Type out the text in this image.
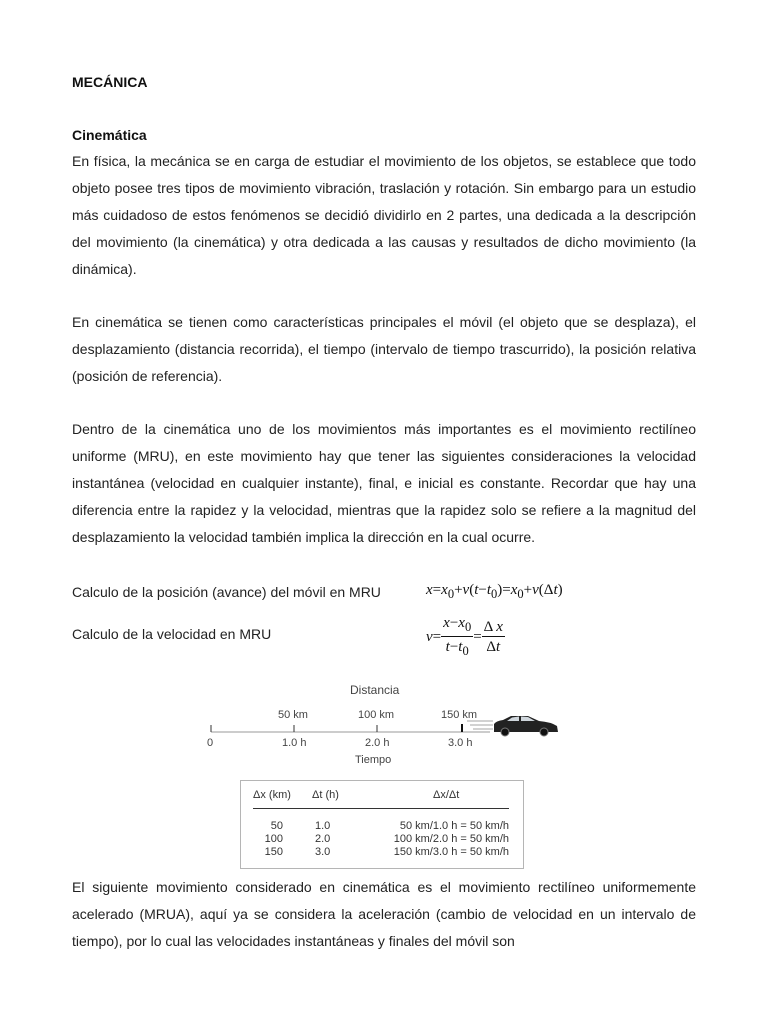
MECÁNICA
Cinemática
En física, la mecánica se en carga de estudiar el movimiento de los objetos, se establece que todo objeto posee tres tipos de movimiento vibración, traslación y rotación. Sin embargo para un estudio más cuidadoso de estos fenómenos se decidió dividirlo en 2 partes, una dedicada a la descripción del movimiento (la cinemática) y otra dedicada a las causas y resultados de dicho movimiento (la dinámica).
En cinemática se tienen como características principales el móvil (el objeto que se desplaza), el desplazamiento (distancia recorrida), el tiempo (intervalo de tiempo trascurrido), la posición relativa (posición de referencia).
Dentro de la cinemática uno de los movimientos más importantes es el movimiento rectilíneo uniforme (MRU), en este movimiento hay que tener las siguientes consideraciones la velocidad instantánea (velocidad en cualquier instante), final, e inicial es constante. Recordar que hay una diferencia entre la rapidez y la velocidad, mientras que la rapidez solo se refiere a la magnitud del desplazamiento la velocidad también implica la dirección en la cual ocurre.
Calculo de la posición (avance) del móvil en MRU	$x=x_0+v(t-t_0)=x_0+v(\Delta t)$
Calculo de la velocidad en MRU	$v= \frac{x-x_0}{t-t_0} = \frac{\text{Δ x}}{\Delta t}$
Distancia
50 km	100 km	150 km
0	1.0 h	2.0 h	3.0 h
Tiempo
Δx (km) Δt (h)	Δx/Δt
50	1.0	50 km/1.0 h = 50 km/h
100	2.0	100 km/2.0 h = 50 km/h
150	3.0	150 km/3.0 h = 50 km/h
El siguiente movimiento considerado en cinemática es el movimiento rectilíneo uniformemente acelerado (MRUA), aquí ya se considera la aceleración (cambio de velocidad en un intervalo de tiempo), por lo cual las velocidades instantáneas y finales del móvil son
